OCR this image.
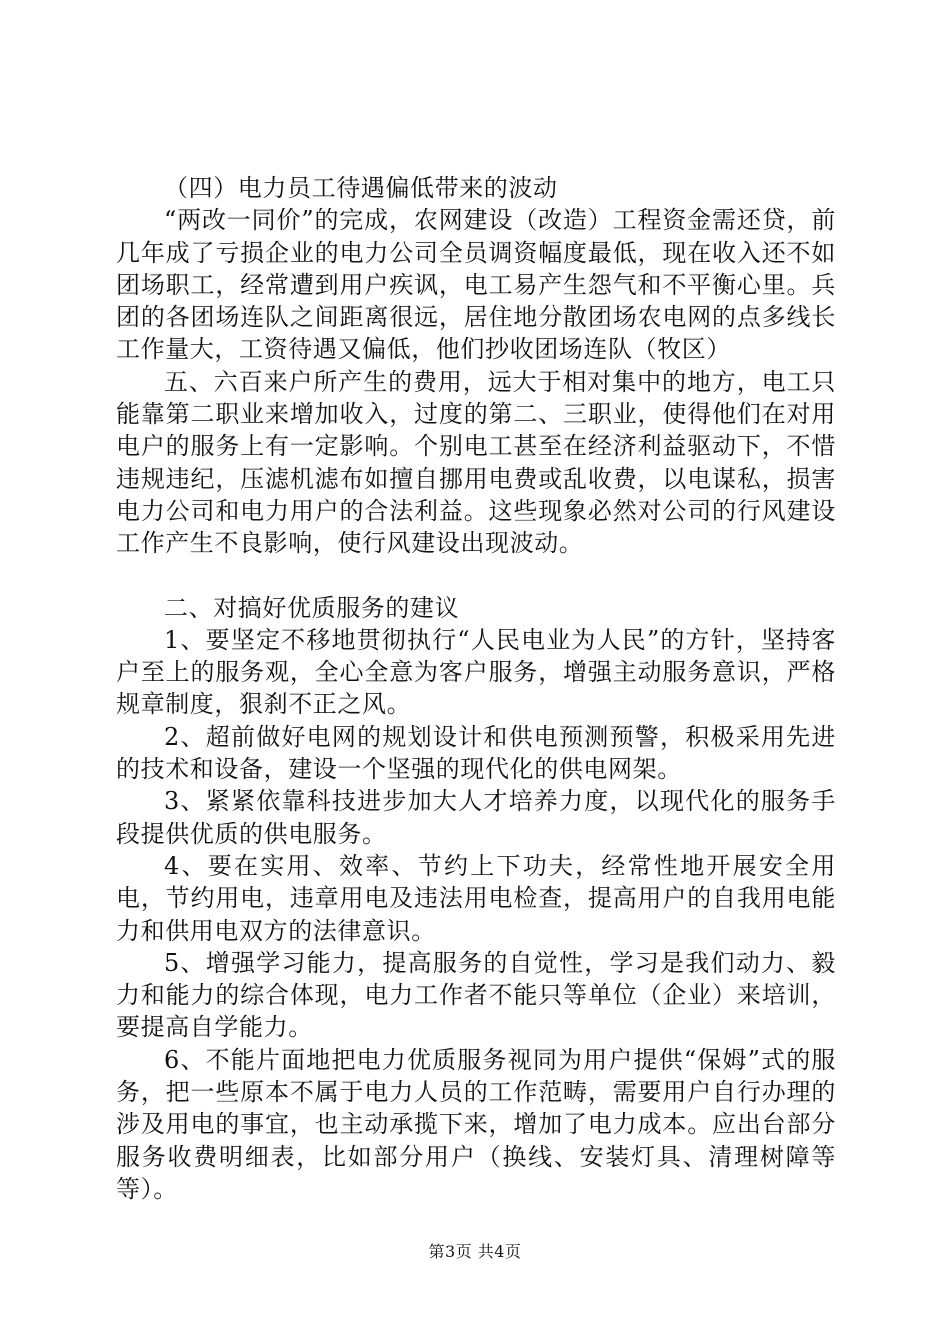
（四）电力员工待遇偏低带来的波动

“两改一同价”的完成，农网建设（改造）工程资金需还贷，前几年成了亏损企业的电力公司全员调资幅度最低，现在收入还不如团场职工，经常遭到用户疾讽，电工易产生怨气和不平衡心里。兵团的各团场连队之间距离很远，居住地分散团场农电网的点多线长工作量大，工资待遇又偏低，他们抄收团场连队（牧区）

五、六百来户所产生的费用，远大于相对集中的地方，电工只能靠第二职业来增加收入，过度的第二、三职业，使得他们在对用电户的服务上有一定影响。个别电工甚至在经济利益驱动下，不惜违规违纪，压滤机滤布如擅自挪用电费或乱收费，以电谋私，损害电力公司和电力用户的合法利益。这些现象必然对公司的行风建设工作产生不良影响，使行风建设出现波动。

二、对搞好优质服务的建议

1、要坚定不移地贯彻执行“人民电业为人民”的方针，坚持客户至上的服务观，全心全意为客户服务，增强主动服务意识，严格规章制度，狠刹不正之风。

2、超前做好电网的规划设计和供电预测预警，积极采用先进的技术和设备，建设一个坚强的现代化的供电网架。

3、紧紧依靠科技进步加大人才培养力度，以现代化的服务手段提供优质的供电服务。

4、要在实用、效率、节约上下功夫，经常性地开展安全用电，节约用电，违章用电及违法用电检查，提高用户的自我用电能力和供用电双方的法律意识。

5、增强学习能力，提高服务的自觉性，学习是我们动力、毅力和能力的综合体现，电力工作者不能只等单位（企业）来培训，要提高自学能力。

6、不能片面地把电力优质服务视同为用户提供“保姆”式的服务，把一些原本不属于电力人员的工作范畴，需要用户自行办理的涉及用电的事宜，也主动承揽下来，增加了电力成本。应出台部分服务收费明细表，比如部分用户（换线、安装灯具、清理树障等等）。

第3页 共4页
